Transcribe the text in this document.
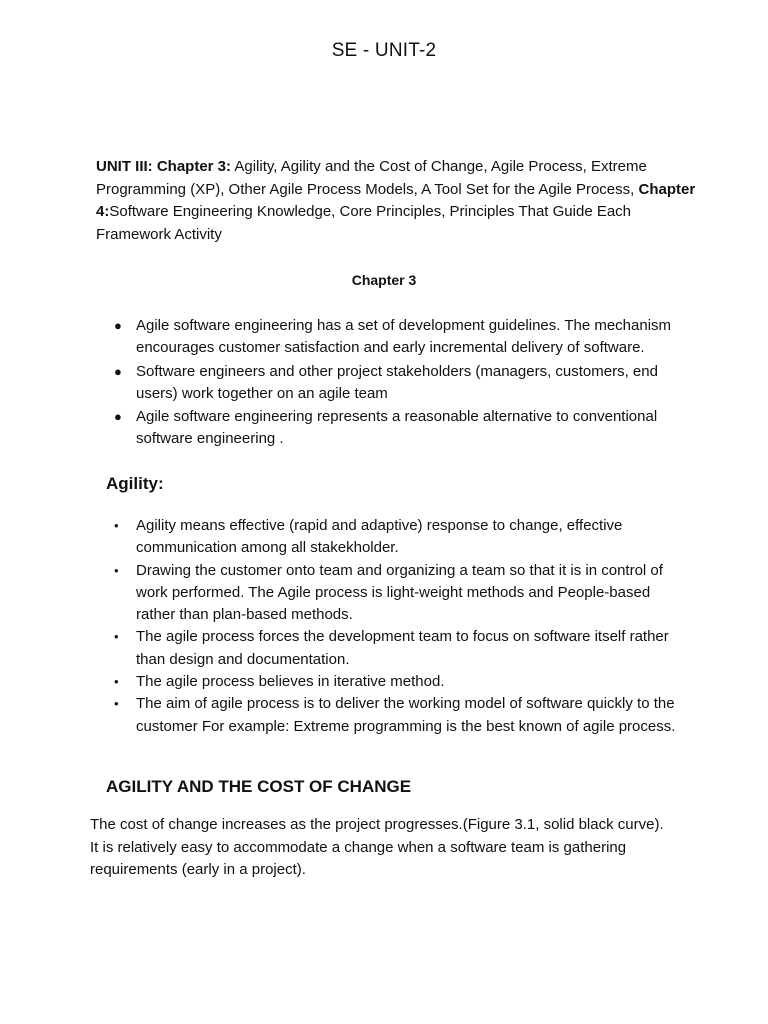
SE - UNIT-2
UNIT III: Chapter 3: Agility, Agility and the Cost of Change, Agile Process, Extreme Programming (XP), Other Agile Process Models, A Tool Set for the Agile Process, Chapter 4:Software Engineering Knowledge, Core Principles, Principles That Guide Each Framework Activity
Chapter 3
● Agile software engineering has a set of development guidelines. The mechanism encourages customer satisfaction and early incremental delivery of software.
● Software engineers and other project stakeholders (managers, customers, end users) work together on an agile team
● Agile software engineering represents a reasonable alternative to conventional software engineering .
Agility:
• Agility means effective (rapid and adaptive) response to change, effective communication among all stakekholder.
• Drawing the customer onto team and organizing a team so that it is in control of work performed. The Agile process is light-weight methods and People-based rather than plan-based methods.
• The agile process forces the development team to focus on software itself rather than design and documentation.
• The agile process believes in iterative method.
• The aim of agile process is to deliver the working model of software quickly to the customer For example: Extreme programming is the best known of agile process.
AGILITY AND THE COST OF CHANGE
The cost of change increases as the project progresses.(Figure 3.1, solid black curve). It is relatively easy to accommodate a change when a software team is gathering requirements (early in a project).
